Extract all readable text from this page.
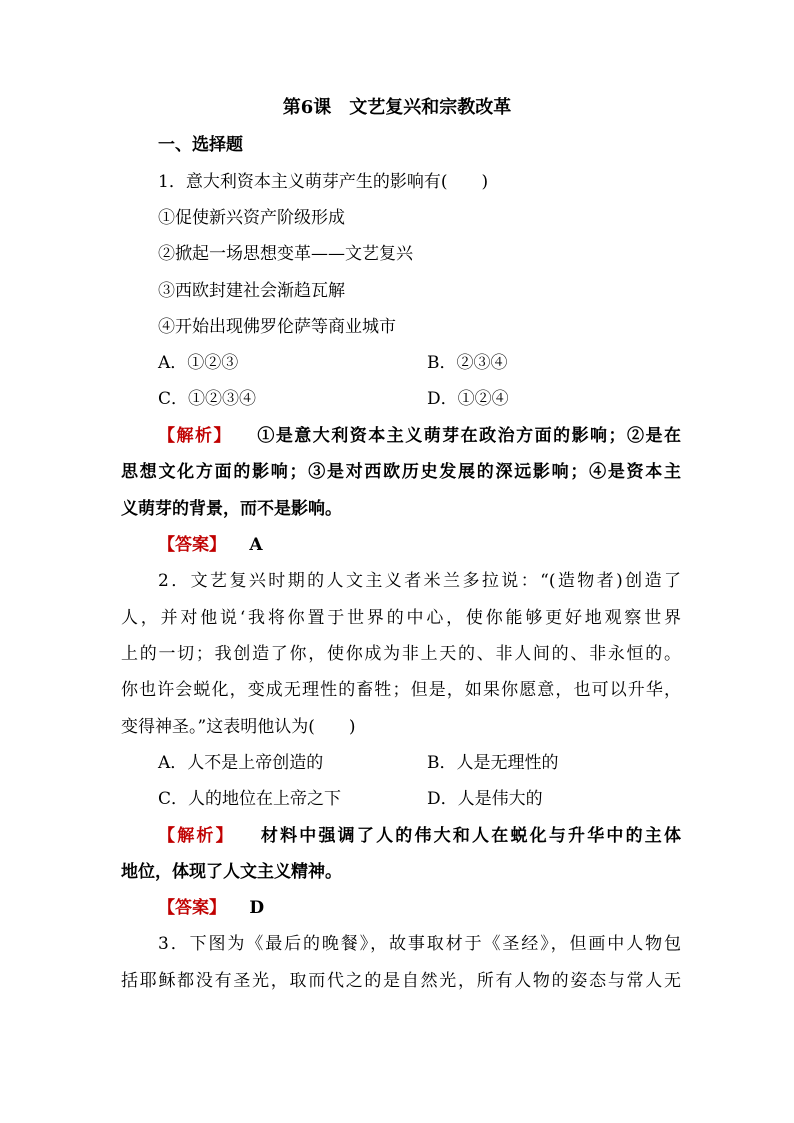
第6课　文艺复兴和宗教改革
一、选择题
1．意大利资本主义萌芽产生的影响有(　　)
①促使新兴资产阶级形成
②掀起一场思想变革——文艺复兴
③西欧封建社会渐趋瓦解
④开始出现佛罗伦萨等商业城市
A．①②③	B．②③④
C．①②③④	D．①②④
【解析】 ①是意大利资本主义萌芽在政治方面的影响；②是在
思想文化方面的影响；③是对西欧历史发展的深远影响；④是资本主
义萌芽的背景，而不是影响。
【答案】 A
2．文艺复兴时期的人文主义者米兰多拉说：“(造物者)创造了
人，并对他说‘我将你置于世界的中心，使你能够更好地观察世界
上的一切；我创造了你，使你成为非上天的、非人间的、非永恒的。
你也许会蜕化，变成无理性的畜牲；但是，如果你愿意，也可以升华，
变得神圣。”这表明他认为(　　)
A．人不是上帝创造的	B．人是无理性的
C．人的地位在上帝之下	D．人是伟大的
【解析】 材料中强调了人的伟大和人在蜕化与升华中的主体
地位，体现了人文主义精神。
【答案】 D
3．下图为《最后的晚餐》，故事取材于《圣经》，但画中人物包
括耶稣都没有圣光，取而代之的是自然光，所有人物的姿态与常人无
